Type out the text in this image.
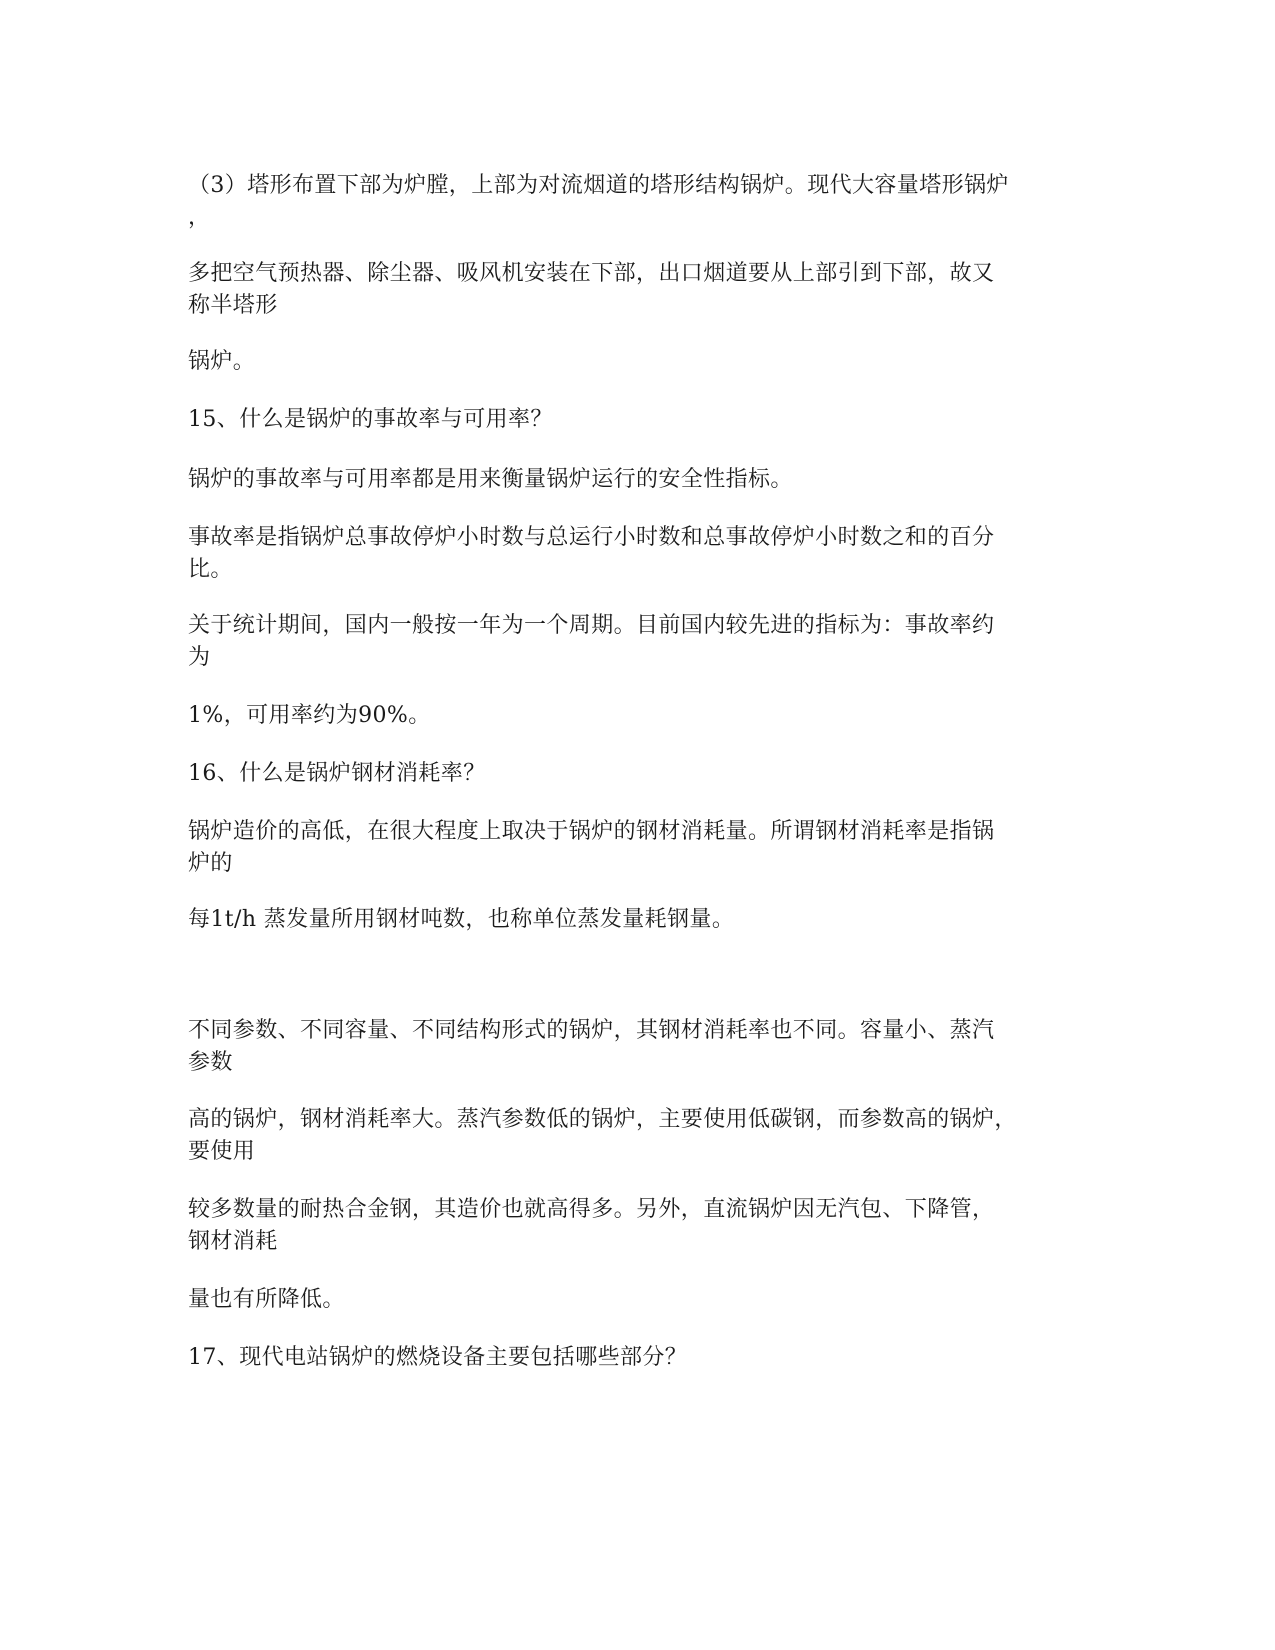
（3）塔形布置下部为炉膛，上部为对流烟道的塔形结构锅炉。现代大容量塔形锅炉
，
多把空气预热器、除尘器、吸风机安装在下部，出口烟道要从上部引到下部，故又
称半塔形
锅炉。
15、什么是锅炉的事故率与可用率？
锅炉的事故率与可用率都是用来衡量锅炉运行的安全性指标。
事故率是指锅炉总事故停炉小时数与总运行小时数和总事故停炉小时数之和的百分
比。
关于统计期间，国内一般按一年为一个周期。目前国内较先进的指标为：事故率约
为
1%，可用率约为90%。
16、什么是锅炉钢材消耗率？
锅炉造价的高低，在很大程度上取决于锅炉的钢材消耗量。所谓钢材消耗率是指锅
炉的
每1t/h 蒸发量所用钢材吨数，也称单位蒸发量耗钢量。
不同参数、不同容量、不同结构形式的锅炉，其钢材消耗率也不同。容量小、蒸汽
参数
高的锅炉，钢材消耗率大。蒸汽参数低的锅炉，主要使用低碳钢，而参数高的锅炉，
要使用
较多数量的耐热合金钢，其造价也就高得多。另外，直流锅炉因无汽包、下降管，
钢材消耗
量也有所降低。
17、现代电站锅炉的燃烧设备主要包括哪些部分？
